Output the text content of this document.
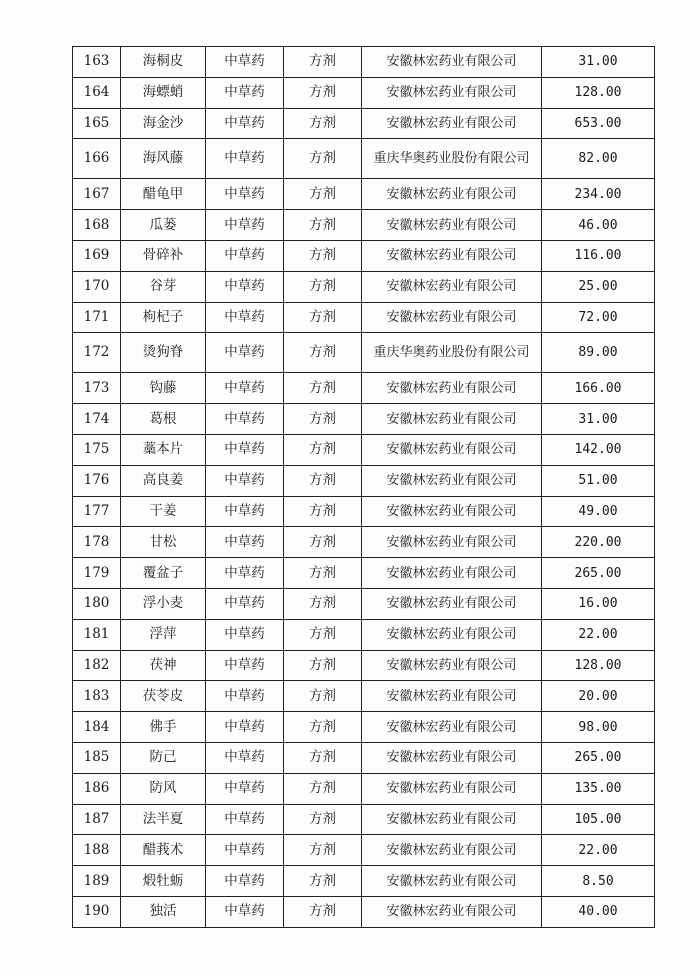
163	海桐皮	中草药	方剂	安徽林宏药业有限公司	31.00
164	海螵蛸	中草药	方剂	安徽林宏药业有限公司	128.00
165	海金沙	中草药	方剂	安徽林宏药业有限公司	653.00
166	海风藤	中草药	方剂	重庆华奥药业股份有限公司	82.00
167	醋龟甲	中草药	方剂	安徽林宏药业有限公司	234.00
168	瓜蒌	中草药	方剂	安徽林宏药业有限公司	46.00
169	骨碎补	中草药	方剂	安徽林宏药业有限公司	116.00
170	谷芽	中草药	方剂	安徽林宏药业有限公司	25.00
171	枸杞子	中草药	方剂	安徽林宏药业有限公司	72.00
172	烫狗脊	中草药	方剂	重庆华奥药业股份有限公司	89.00
173	钩藤	中草药	方剂	安徽林宏药业有限公司	166.00
174	葛根	中草药	方剂	安徽林宏药业有限公司	31.00
175	藁本片	中草药	方剂	安徽林宏药业有限公司	142.00
176	高良姜	中草药	方剂	安徽林宏药业有限公司	51.00
177	干姜	中草药	方剂	安徽林宏药业有限公司	49.00
178	甘松	中草药	方剂	安徽林宏药业有限公司	220.00
179	覆盆子	中草药	方剂	安徽林宏药业有限公司	265.00
180	浮小麦	中草药	方剂	安徽林宏药业有限公司	16.00
181	浮萍	中草药	方剂	安徽林宏药业有限公司	22.00
182	茯神	中草药	方剂	安徽林宏药业有限公司	128.00
183	茯苓皮	中草药	方剂	安徽林宏药业有限公司	20.00
184	佛手	中草药	方剂	安徽林宏药业有限公司	98.00
185	防己	中草药	方剂	安徽林宏药业有限公司	265.00
186	防风	中草药	方剂	安徽林宏药业有限公司	135.00
187	法半夏	中草药	方剂	安徽林宏药业有限公司	105.00
188	醋莪术	中草药	方剂	安徽林宏药业有限公司	22.00
189	煅牡蛎	中草药	方剂	安徽林宏药业有限公司	8.50
190	独活	中草药	方剂	安徽林宏药业有限公司	40.00
